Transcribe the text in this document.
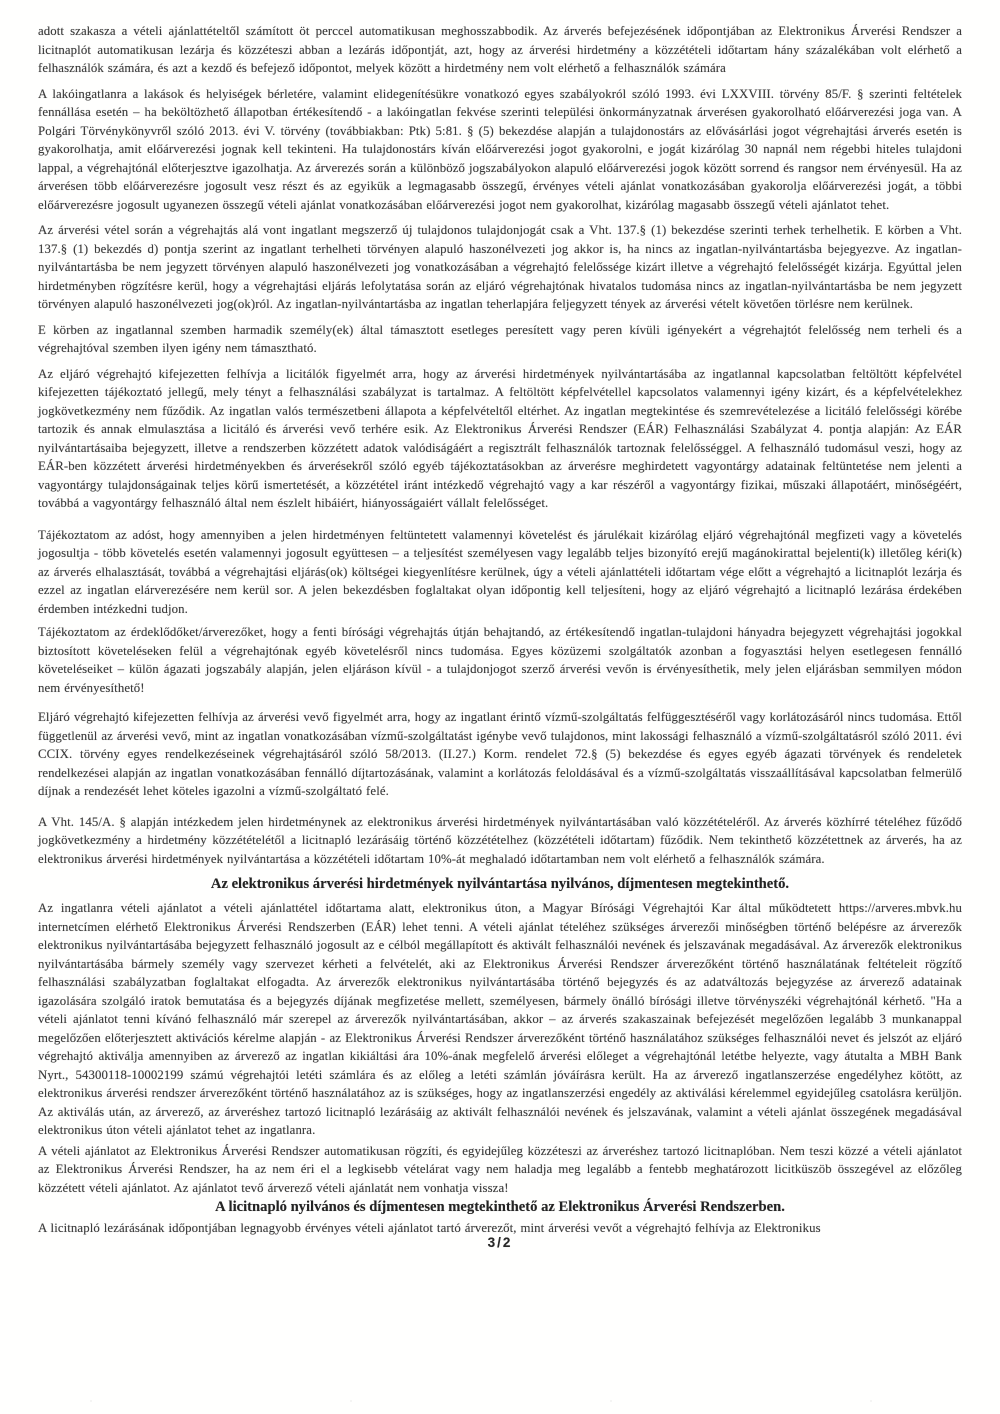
adott szakasza a vételi ajánlattételtől számított öt perccel automatikusan meghosszabbodik. Az árverés befejezésének időpontjában az Elektronikus Árverési Rendszer a licitnaplót automatikusan lezárja és közzéteszi abban a lezárás időpontját, azt, hogy az árverési hirdetmény a közzétételi időtartam hány százalékában volt elérhető a felhasználók számára, és azt a kezdő és befejező időpontot, melyek között a hirdetmény nem volt elérhető a felhasználók számára

A lakóingatlanra a lakások és helyiségek bérletére, valamint elidegenítésükre vonatkozó egyes szabályokról szóló 1993. évi LXXVIII. törvény 85/F. § szerinti feltételek fennállása esetén – ha beköltözhető állapotban értékesítendő - a lakóingatlan fekvése szerinti települési önkormányzatnak árverésen gyakorolható előárverezési joga van. A Polgári Törvénykönyvről szóló 2013. évi V. törvény (továbbiakban: Ptk) 5:81. § (5) bekezdése alapján a tulajdonostárs az elővásárlási jogot végrehajtási árverés esetén is gyakorolhatja, amit előárverezési jognak kell tekinteni. Ha tulajdonostárs kíván előárverezési jogot gyakorolni, e jogát kizárólag 30 napnál nem régebbi hiteles tulajdoni lappal, a végrehajtónál előterjesztve igazolhatja. Az árverezés során a különböző jogszabályokon alapuló előárverezési jogok között sorrend és rangsor nem érvényesül. Ha az árverésen több előárverezésre jogosult vesz részt és az egyikük a legmagasabb összegű, érvényes vételi ajánlat vonatkozásában gyakorolja előárverezési jogát, a többi előárverezésre jogosult ugyanezen összegű vételi ajánlat vonatkozásában előárverezési jogot nem gyakorolhat, kizárólag magasabb összegű vételi ajánlatot tehet.

Az árverési vétel során a végrehajtás alá vont ingatlant megszerző új tulajdonos tulajdonjogát csak a Vht. 137.§ (1) bekezdése szerinti terhek terhelhetik. E körben a Vht. 137.§ (1) bekezdés d) pontja szerint az ingatlant terhelheti törvényen alapuló haszonélvezeti jog akkor is, ha nincs az ingatlan-nyilvántartásba bejegyezve. Az ingatlan-nyilvántartásba be nem jegyzett törvényen alapuló haszonélvezeti jog vonatkozásában a végrehajtó felelőssége kizárt illetve a végrehajtó felelősségét kizárja. Egyúttal jelen hirdetményben rögzítésre kerül, hogy a végrehajtási eljárás lefolytatása során az eljáró végrehajtónak hivatalos tudomása nincs az ingatlan-nyilvántartásba be nem jegyzett törvényen alapuló haszonélvezeti jog(ok)ról. Az ingatlan-nyilvántartásba az ingatlan teherlapjára feljegyzett tények az árverési vételt követően törlésre nem kerülnek.

E körben az ingatlannal szemben harmadik személy(ek) által támasztott esetleges peresített vagy peren kívüli igényekért a végrehajtót felelősség nem terheli és a végrehajtóval szemben ilyen igény nem támasztható.

Az eljáró végrehajtó kifejezetten felhívja a licitálók figyelmét arra, hogy az árverési hirdetmények nyilvántartásába az ingatlannal kapcsolatban feltöltött képfelvétel kifejezetten tájékoztató jellegű, mely tényt a felhasználási szabályzat is tartalmaz. A feltöltött képfelvétellel kapcsolatos valamennyi igény kizárt, és a képfelvételekhez jogkövetkezmény nem fűződik. Az ingatlan valós természetbeni állapota a képfelvételtől eltérhet. Az ingatlan megtekintése és szemrevételezése a licitáló felelősségi körébe tartozik és annak elmulasztása a licitáló és árverési vevő terhére esik. Az Elektronikus Árverési Rendszer (EÁR) Felhasználási Szabályzat 4. pontja alapján: Az EÁR nyilvántartásaiba bejegyzett, illetve a rendszerben közzétett adatok valódiságáért a regisztrált felhasználók tartoznak felelősséggel. A felhasználó tudomásul veszi, hogy az EÁR-ben közzétett árverési hirdetményekben és árverésekről szóló egyéb tájékoztatásokban az árverésre meghirdetett vagyontárgy adatainak feltüntetése nem jelenti a vagyontárgy tulajdonságainak teljes körű ismertetését, a közzététel iránt intézkedő végrehajtó vagy a kar részéről a vagyontárgy fizikai, műszaki állapotáért, minőségéért, továbbá a vagyontárgy felhasználó által nem észlelt hibáiért, hiányosságaiért vállalt felelősséget.

Tájékoztatom az adóst, hogy amennyiben a jelen hirdetményen feltüntetett valamennyi követelést és járulékait kizárólag eljáró végrehajtónál megfizeti vagy a követelés jogosultja - több követelés esetén valamennyi jogosult együttesen – a teljesítést személyesen vagy legalább teljes bizonyító erejű magánokirattal bejelenti(k) illetőleg kéri(k) az árverés elhalasztását, továbbá a végrehajtási eljárás(ok) költségei kiegyenlítésre kerülnek, úgy a vételi ajánlattételi időtartam vége előtt a végrehajtó a licitnaplót lezárja és ezzel az ingatlan elárverezésére nem kerül sor. A jelen bekezdésben foglaltakat olyan időpontig kell teljesíteni, hogy az eljáró végrehajtó a licitnapló lezárása érdekében érdemben intézkedni tudjon.

Tájékoztatom az érdeklődőket/árverezőket, hogy a fenti bírósági végrehajtás útján behajtandó, az értékesítendő ingatlan-tulajdoni hányadra bejegyzett végrehajtási jogokkal biztosított követeléseken felül a végrehajtónak egyéb követelésről nincs tudomása. Egyes közüzemi szolgáltatók azonban a fogyasztási helyen esetlegesen fennálló követeléseiket – külön ágazati jogszabály alapján, jelen eljáráson kívül - a tulajdonjogot szerző árverési vevőn is érvényesíthetik, mely jelen eljárásban semmilyen módon nem érvényesíthető!

Eljáró végrehajtó kifejezetten felhívja az árverési vevő figyelmét arra, hogy az ingatlant érintő vízmű-szolgáltatás felfüggesztéséről vagy korlátozásáról nincs tudomása. Ettől függetlenül az árverési vevő, mint az ingatlan vonatkozásában vízmű-szolgáltatást igénybe vevő tulajdonos, mint lakossági felhasználó a vízmű-szolgáltatásról szóló 2011. évi CCIX. törvény egyes rendelkezéseinek végrehajtásáról szóló 58/2013. (II.27.) Korm. rendelet 72.§ (5) bekezdése és egyes egyéb ágazati törvények és rendeletek rendelkezései alapján az ingatlan vonatkozásában fennálló díjtartozásának, valamint a korlátozás feloldásával és a vízmű-szolgáltatás visszaállításával kapcsolatban felmerülő díjnak a rendezését lehet köteles igazolni a vízmű-szolgáltató felé.

A Vht. 145/A. § alapján intézkedem jelen hirdetménynek az elektronikus árverési hirdetmények nyilvántartásában való közzétételéről. Az árverés közhírré tételéhez fűződő jogkövetkezmény a hirdetmény közzétételétől a licitnapló lezárásáig történő közzétételhez (közzétételi időtartam) fűződik. Nem tekinthető közzétettnek az árverés, ha az elektronikus árverési hirdetmények nyilvántartása a közzétételi időtartam 10%-át meghaladó időtartamban nem volt elérhető a felhasználók számára.

Az elektronikus árverési hirdetmények nyilvántartása nyilvános, díjmentesen megtekinthető.

Az ingatlanra vételi ajánlatot a vételi ajánlattétel időtartama alatt, elektronikus úton, a Magyar Bírósági Végrehajtói Kar által működtetett https://arveres.mbvk.hu internetcímen elérhető Elektronikus Árverési Rendszerben (EÁR) lehet tenni. A vételi ajánlat tételéhez szükséges árverezői minőségben történő belépésre az árverezők elektronikus nyilvántartásába bejegyzett felhasználó jogosult az e célból megállapított és aktivált felhasználói nevének és jelszavának megadásával. Az árverezők elektronikus nyilvántartásába bármely személy vagy szervezet kérheti a felvételét, aki az Elektronikus Árverési Rendszer árverezőként történő használatának feltételeit rögzítő felhasználási szabályzatban foglaltakat elfogadta. Az árverezők elektronikus nyilvántartásába történő bejegyzés és az adatváltozás bejegyzése az árverező adatainak igazolására szolgáló iratok bemutatása és a bejegyzés díjának megfizetése mellett, személyesen, bármely önálló bírósági illetve törvényszéki végrehajtónál kérhető. "Ha a vételi ajánlatot tenni kívánó felhasználó már szerepel az árverezők nyilvántartásában, akkor – az árverés szakaszainak befejezését megelőzően legalább 3 munkanappal megelőzően előterjesztett aktivációs kérelme alapján - az Elektronikus Árverési Rendszer árverezőként történő használatához szükséges felhasználói nevet és jelszót az eljáró végrehajtó aktiválja amennyiben az árverező az ingatlan kikiáltási ára 10%-ának megfelelő árverési előleget a végrehajtónál letétbe helyezte, vagy átutalta a MBH Bank Nyrt., 54300118-10002199 számú végrehajtói letéti számlára és az előleg a letéti számlán jóváírásra került. Ha az árverező ingatlanszerzése engedélyhez kötött, az elektronikus árverési rendszer árverezőként történő használatához az is szükséges, hogy az ingatlanszerzési engedély az aktiválási kérelemmel egyidejűleg csatolásra kerüljön. Az aktiválás után, az árverező, az árveréshez tartozó licitnapló lezárásáig az aktivált felhasználói nevének és jelszavának, valamint a vételi ajánlat összegének megadásával elektronikus úton vételi ajánlatot tehet az ingatlanra.

A vételi ajánlatot az Elektronikus Árverési Rendszer automatikusan rögzíti, és egyidejűleg közzéteszi az árveréshez tartozó licitnaplóban. Nem teszi közzé a vételi ajánlatot az Elektronikus Árverési Rendszer, ha az nem éri el a legkisebb vételárat vagy nem haladja meg legalább a fentebb meghatározott licitküszöb összegével az előzőleg közzétett vételi ajánlatot. Az ajánlatot tevő árverező vételi ajánlatát nem vonhatja vissza!

A licitnapló nyilvános és díjmentesen megtekinthető az Elektronikus Árverési Rendszerben.

A licitnapló lezárásának időpontjában legnagyobb érvényes vételi ajánlatot tartó árverezőt, mint árverési vevőt a végrehajtó felhívja az Elektronikus

3/2
